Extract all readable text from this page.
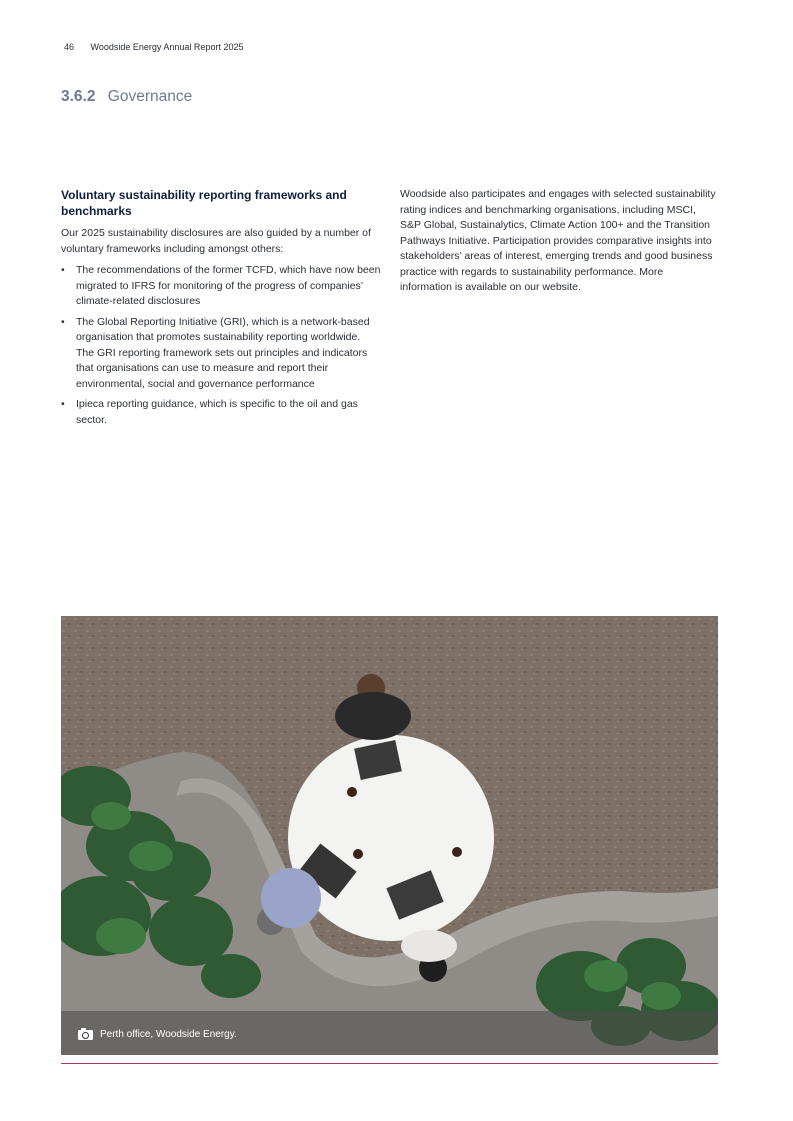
46 Woodside Energy Annual Report 2025
3.6.2 Governance
Voluntary sustainability reporting frameworks and benchmarks

Our 2025 sustainability disclosures are also guided by a number of voluntary frameworks including amongst others:

• The recommendations of the former TCFD, which have now been migrated to IFRS for monitoring of the progress of companies’ climate-related disclosures
• The Global Reporting Initiative (GRI), which is a network-based organisation that promotes sustainability reporting worldwide. The GRI reporting framework sets out principles and indicators that organisations can use to measure and report their environmental, social and governance performance
• Ipieca reporting guidance, which is specific to the oil and gas sector.

Woodside also participates and engages with selected sustainability rating indices and benchmarking organisations, including MSCI, S&P Global, Sustainalytics, Climate Action 100+ and the Transition Pathways Initiative. Participation provides comparative insights into stakeholders’ areas of interest, emerging trends and good business practice with regards to sustainability performance. More information is available on our website.

Perth office, Woodside Energy.
